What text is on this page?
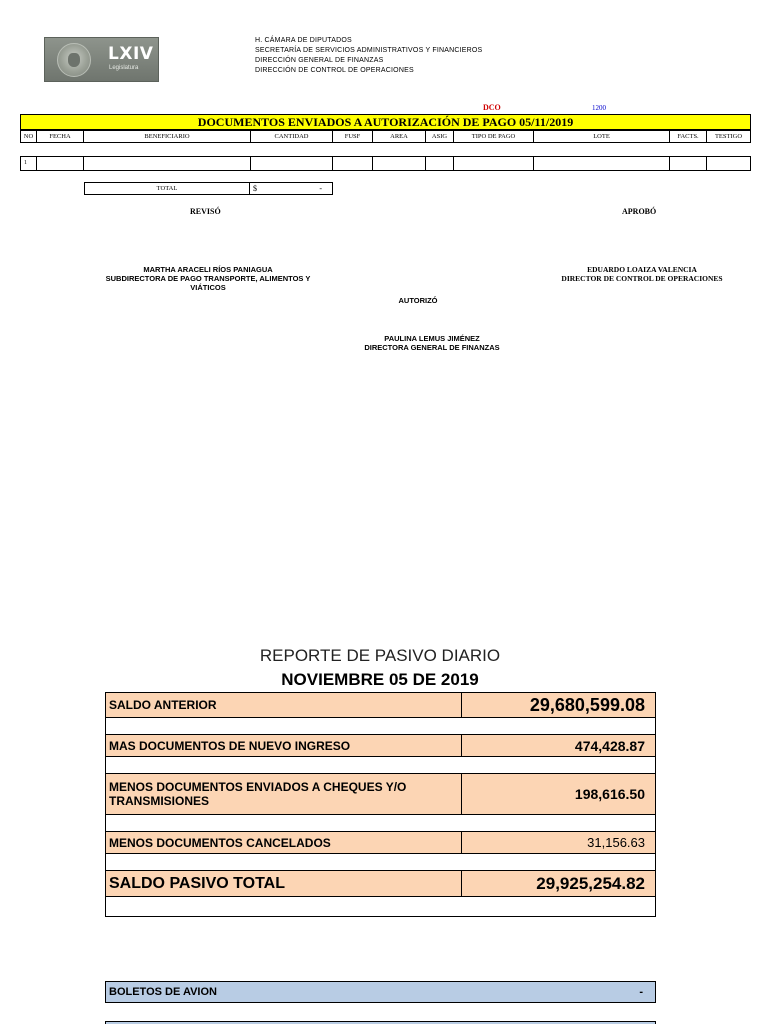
LXIV
Legislatura
H. CÁMARA DE DIPUTADOS
SECRETARÍA DE SERVICIOS ADMINISTRATIVOS Y FINANCIEROS
DIRECCIÓN GENERAL DE FINANZAS
DIRECCIÓN DE CONTROL DE OPERACIONES
DCO	1200
DOCUMENTOS ENVIADOS A AUTORIZACIÓN DE PAGO 05/11/2019
NO	FECHA	BENEFICIARIO	CANTIDAD	FUSF	AREA	ASIG	TIPO DE PAGO	LOTE	FACTS.	TESTIGO
1
TOTAL	$	-
REVISÓ	APROBÓ
MARTHA ARACELI RÍOS PANIAGUA
SUBDIRECTORA DE PAGO TRANSPORTE, ALIMENTOS Y VIÁTICOS
EDUARDO LOAIZA VALENCIA
DIRECTOR DE CONTROL DE OPERACIONES
AUTORIZÓ
PAULINA LEMUS JIMÉNEZ
DIRECTORA GENERAL DE FINANZAS
REPORTE DE PASIVO DIARIO
NOVIEMBRE 05 DE 2019
SALDO ANTERIOR	29,680,599.08
MAS DOCUMENTOS DE NUEVO INGRESO	474,428.87
MENOS DOCUMENTOS ENVIADOS A CHEQUES Y/O TRANSMISIONES	198,616.50
MENOS DOCUMENTOS CANCELADOS	31,156.63
SALDO PASIVO TOTAL	29,925,254.82
BOLETOS DE AVION	-
